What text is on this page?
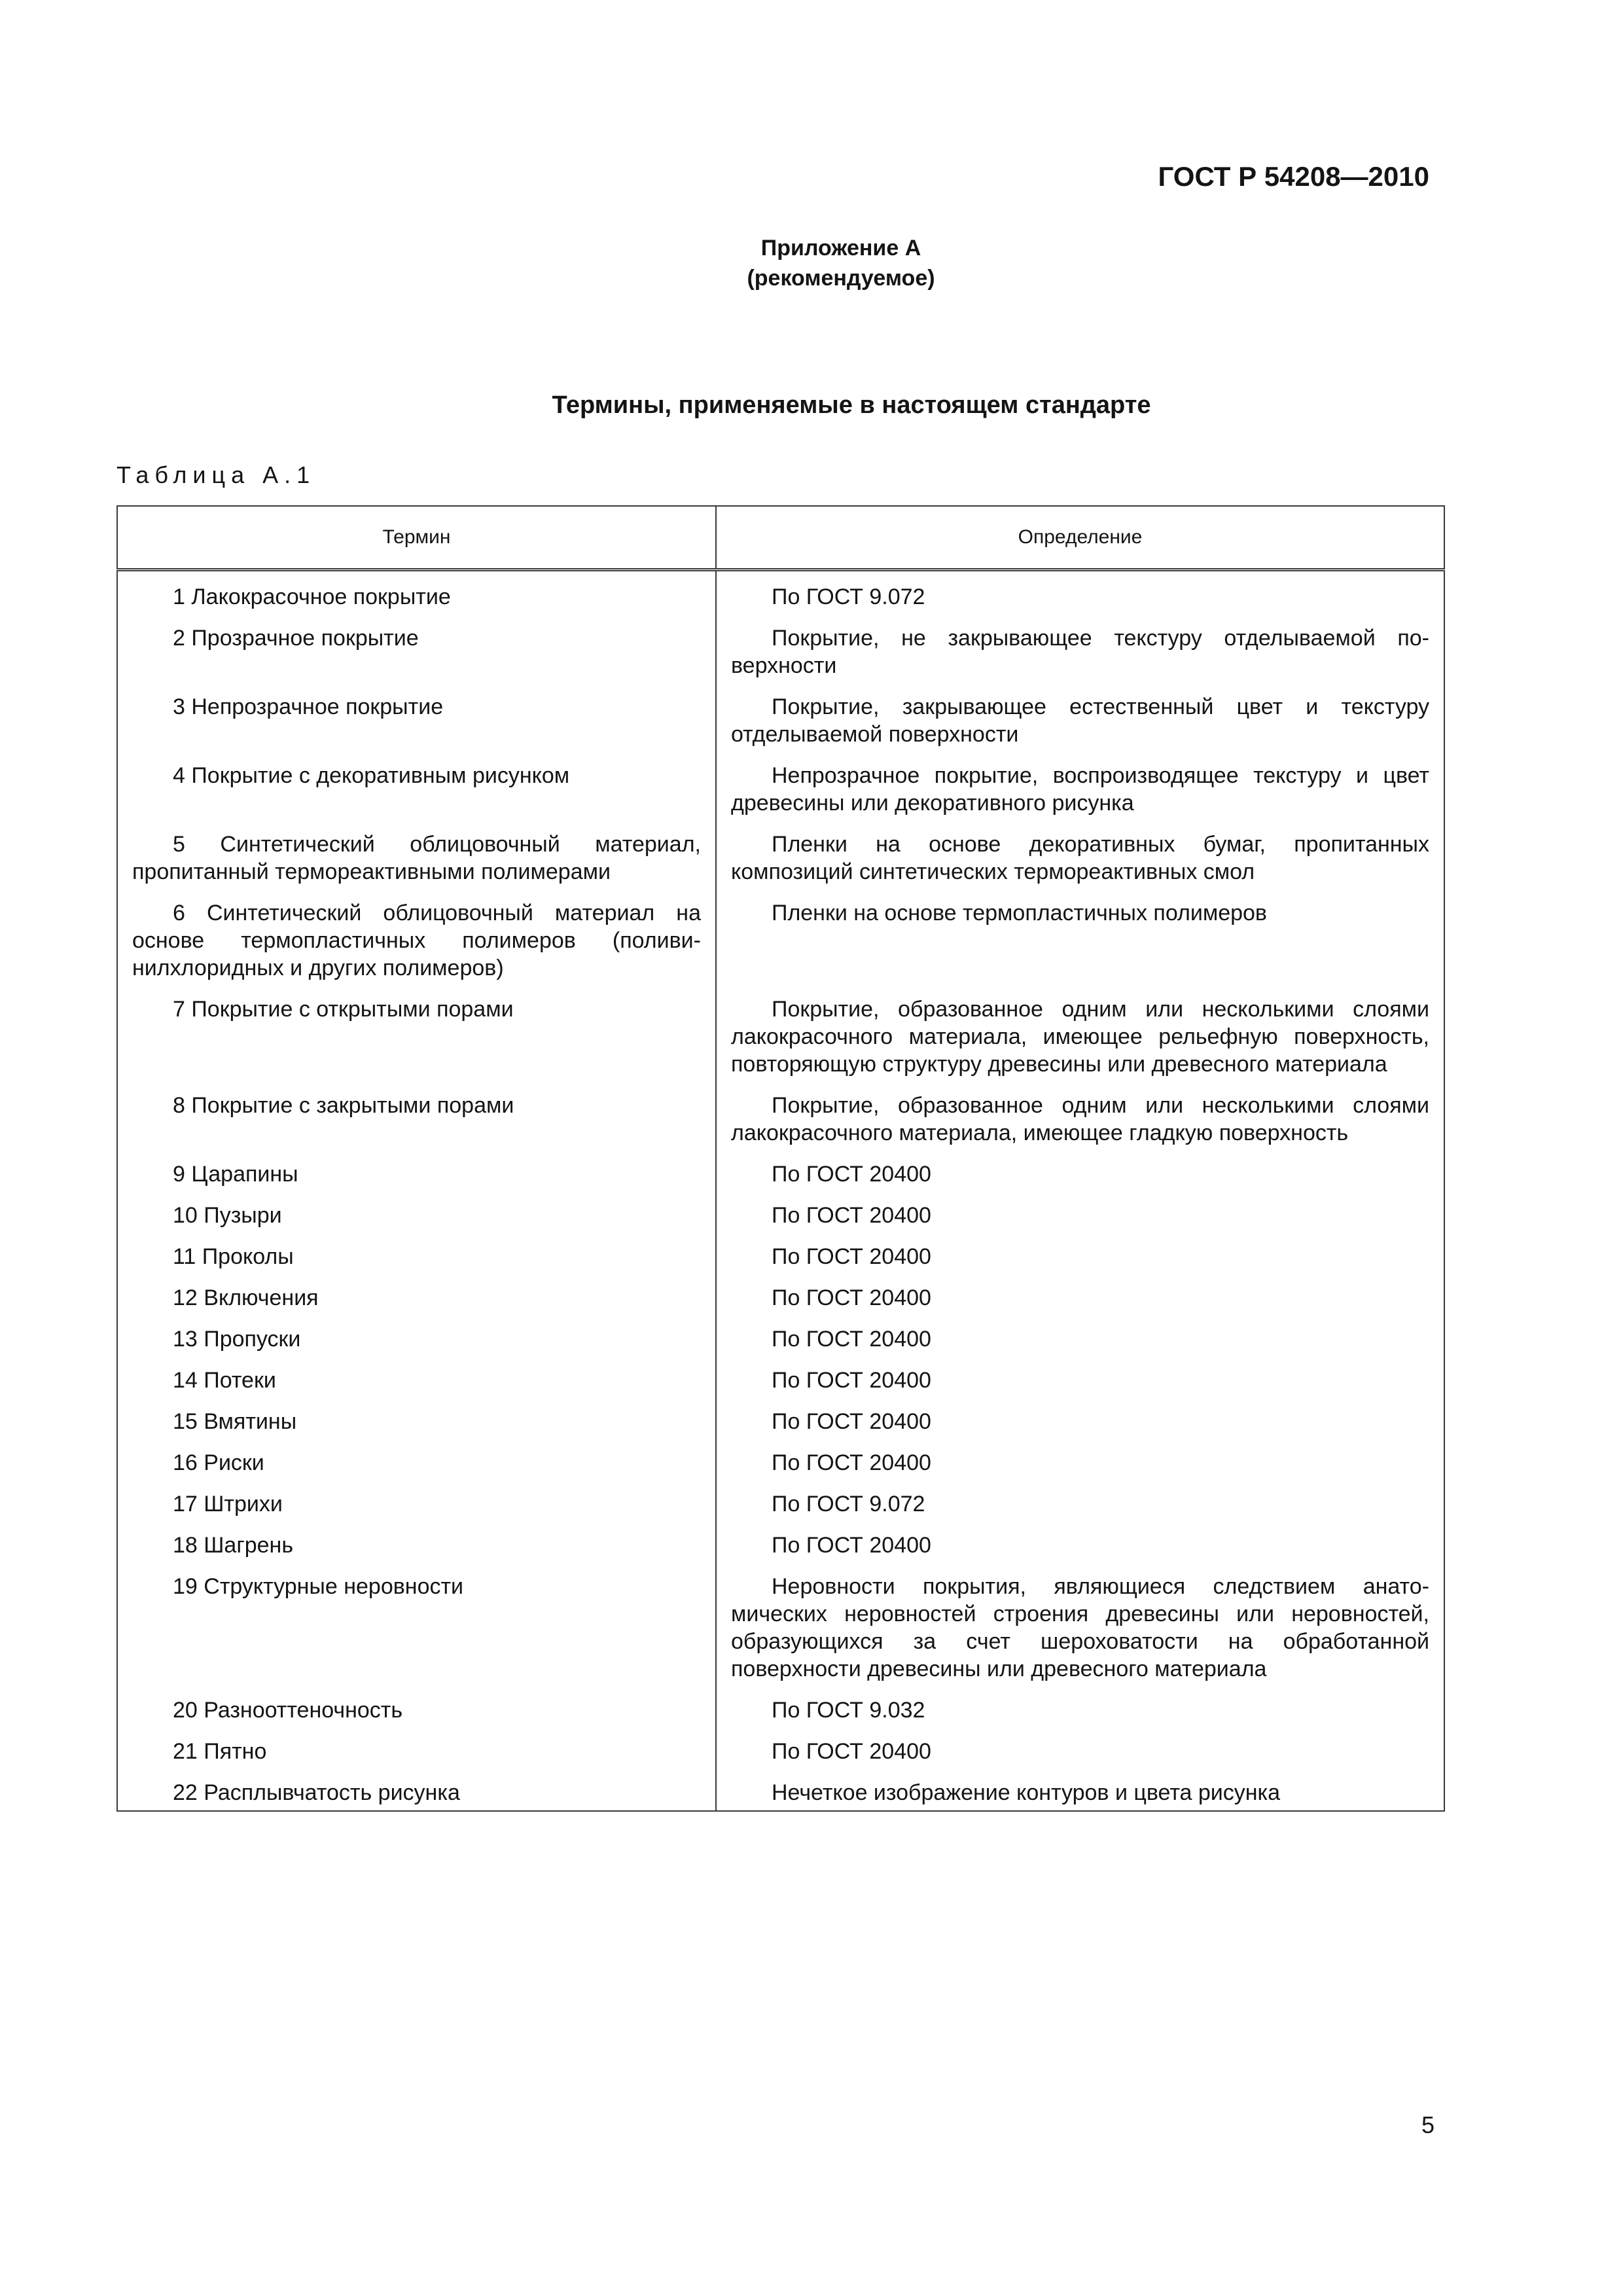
ГОСТ Р 54208—2010
Приложение А
(рекомендуемое)
Термины, применяемые в настоящем стандарте
Таблица А.1
Термин	Определение
1 Лакокрасочное покрытие	По ГОСТ 9.072
2 Прозрачное покрытие	Покрытие, не закрывающее текстуру отделываемой поверхности
3 Непрозрачное покрытие	Покрытие, закрывающее естественный цвет и текстуру отделываемой поверхности
4 Покрытие с декоративным рисунком	Непрозрачное покрытие, воспроизводящее текстуру и цвет древесины или декоративного рисунка
5 Синтетический облицовочный материал, пропитанный термореактивными полимерами	Пленки на основе декоративных бумаг, пропитанных композиций синтетических термореактивных смол
6 Синтетический облицовочный материал на основе термопластичных полимеров (поливинилхлоридных и других полимеров)	Пленки на основе термопластичных полимеров
7 Покрытие с открытыми порами	Покрытие, образованное одним или несколькими слоями лакокрасочного материала, имеющее рельефную поверхность, повторяющую структуру древесины или древесного материала
8 Покрытие с закрытыми порами	Покрытие, образованное одним или несколькими слоями лакокрасочного материала, имеющее гладкую поверхность
9 Царапины	По ГОСТ 20400
10 Пузыри	По ГОСТ 20400
11 Проколы	По ГОСТ 20400
12 Включения	По ГОСТ 20400
13 Пропуски	По ГОСТ 20400
14 Потеки	По ГОСТ 20400
15 Вмятины	По ГОСТ 20400
16 Риски	По ГОСТ 20400
17 Штрихи	По ГОСТ 9.072
18 Шагрень	По ГОСТ 20400
19 Структурные неровности	Неровности покрытия, являющиеся следствием анатомических неровностей строения древесины или неровностей, образующихся за счет шероховатости на обработанной поверхности древесины или древесного материала
20 Разнооттеночность	По ГОСТ 9.032
21 Пятно	По ГОСТ 20400
22 Расплывчатость рисунка	Нечеткое изображение контуров и цвета рисунка
5
